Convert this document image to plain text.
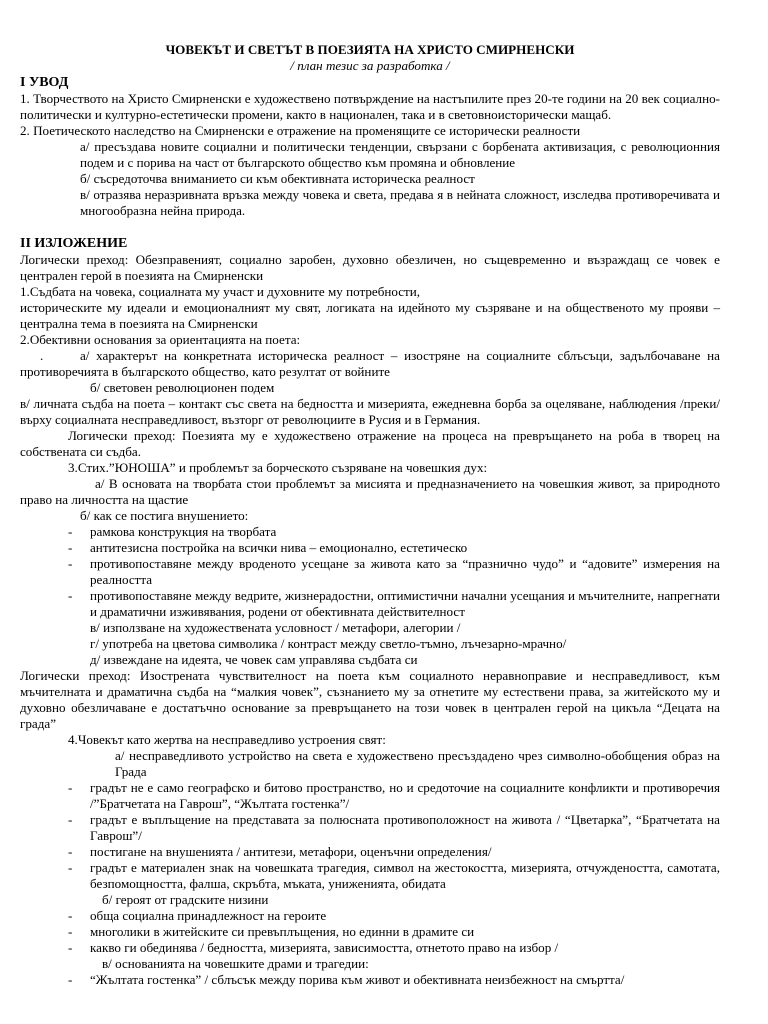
ЧОВЕКЪТ И СВЕТЪТ В ПОЕЗИЯТА НА ХРИСТО СМИРНЕНСКИ
/ план тезис за разработка /
I УВОД
1. Творчеството на Христо Смирненски е художествено потвърждение на настъпилите през 20-те години на 20 век социално-политически и културно-естетически промени, както в национален, така и в световноисторически мащаб.
2. Поетическото наследство на Смирненски е отражение на променящите се исторически реалности
а/ пресъздава новите социални и политически тенденции, свързани с борбената активизация, с революционния подем и с порива на част от българското общество към промяна и обновление
б/ съсредоточва вниманието си към обективната историческа реалност
в/ отразява неразривната връзка между човека и света, предава я в нейната сложност, изследва противоречивата и многообразна нейна природа.
II ИЗЛОЖЕНИЕ
Логически преход: Обезправеният, социално заробен, духовно обезличен, но същевременно и възраждащ се човек е централен герой в поезията на Смирненски
1.Съдбата на човека, социалната му участ и духовните му потребности,
историческите му идеали и емоционалният му свят, логиката на идейното му съзряване и на общественото му прояви – централна тема в поезията на Смирненски
2.Обективни основания за ориентацията на поета:
.	а/ характерът на конкретната историческа реалност – изостряне на социалните сблъсъци, задълбочаване на противоречията в българското общество, като резултат от войните
б/ световен революционен подем
в/ личната съдба на поета – контакт със света на бедността и мизерията, ежедневна борба за оцеляване, наблюдения /преки/ върху социалната несправедливост, възторг от революциите в Русия и в Германия.
Логически преход: Поезията му е художествено отражение на процеса на превръщането на роба в творец на собствената си съдба.
3.Стих.”ЮНОША” и проблемът за борческото съзряване на човешкия дух:
а/ В основата на творбата стои проблемът за мисията и предназначението на човешкия живот, за природното право на личността на щастие
б/ как се постига внушението:
- рамкова конструкция на творбата
- антитезисна постройка на всички нива – емоционално, естетическо
- противопоставяне между вроденото усещане за живота като за “празнично чудо” и “адовите” измерения на реалността
- противопоставяне между ведрите, жизнерадостни, оптимистични начални усещания и мъчителните, напрегнати и драматични изживявания, родени от обективната действителност
в/ използване на художествената условност / метафори, алегории /
г/ употреба на цветова символика / контраст между светло-тъмно, лъчезарно-мрачно/
д/ извеждане на идеята, че човек сам управлява съдбата си
Логически преход: Изострената чувствителност на поета към социалното неравноправие и несправедливост, към мъчителната и драматична съдба на “малкия човек”, съзнанието му за отнетите му естествени права, за житейското му и духовно обезличаване е достатъчно основание за превръщането на този човек в централен герой на цикъла “Децата на града”
4.Човекът като жертва на несправедливо устроения свят:
а/ несправедливото устройство на света е художествено пресъздадено чрез символно-обобщения образ на Града
- градът не е само географско и битово пространство, но и средоточие на социалните конфликти и противоречия /”Братчетата на Гаврош”, “Жълтата гостенка”/
- градът е въплъщение на представата за полюсната противоположност на живота / “Цветарка”, “Братчетата на Гаврош”/
- постигане на внушенията / антитези, метафори, оценъчни определения/
- градът е материален знак на човешката трагедия, символ на жестокостта, мизерията, отчуждеността, самотата, безпомощността, фалша, скръбта, мъката, униженията, обидата
б/ героят от градските низини
- обща социална принадлежност на героите
- многолики в житейските си превъплъщения, но единни в драмите си
- какво ги обединява / бедността, мизерията, зависимостта, отнетото право на избор /
в/ основанията на човешките драми и трагедии:
- “Жълтата гостенка” / сблъсък между порива към живот и обективната неизбежност на смъртта/
